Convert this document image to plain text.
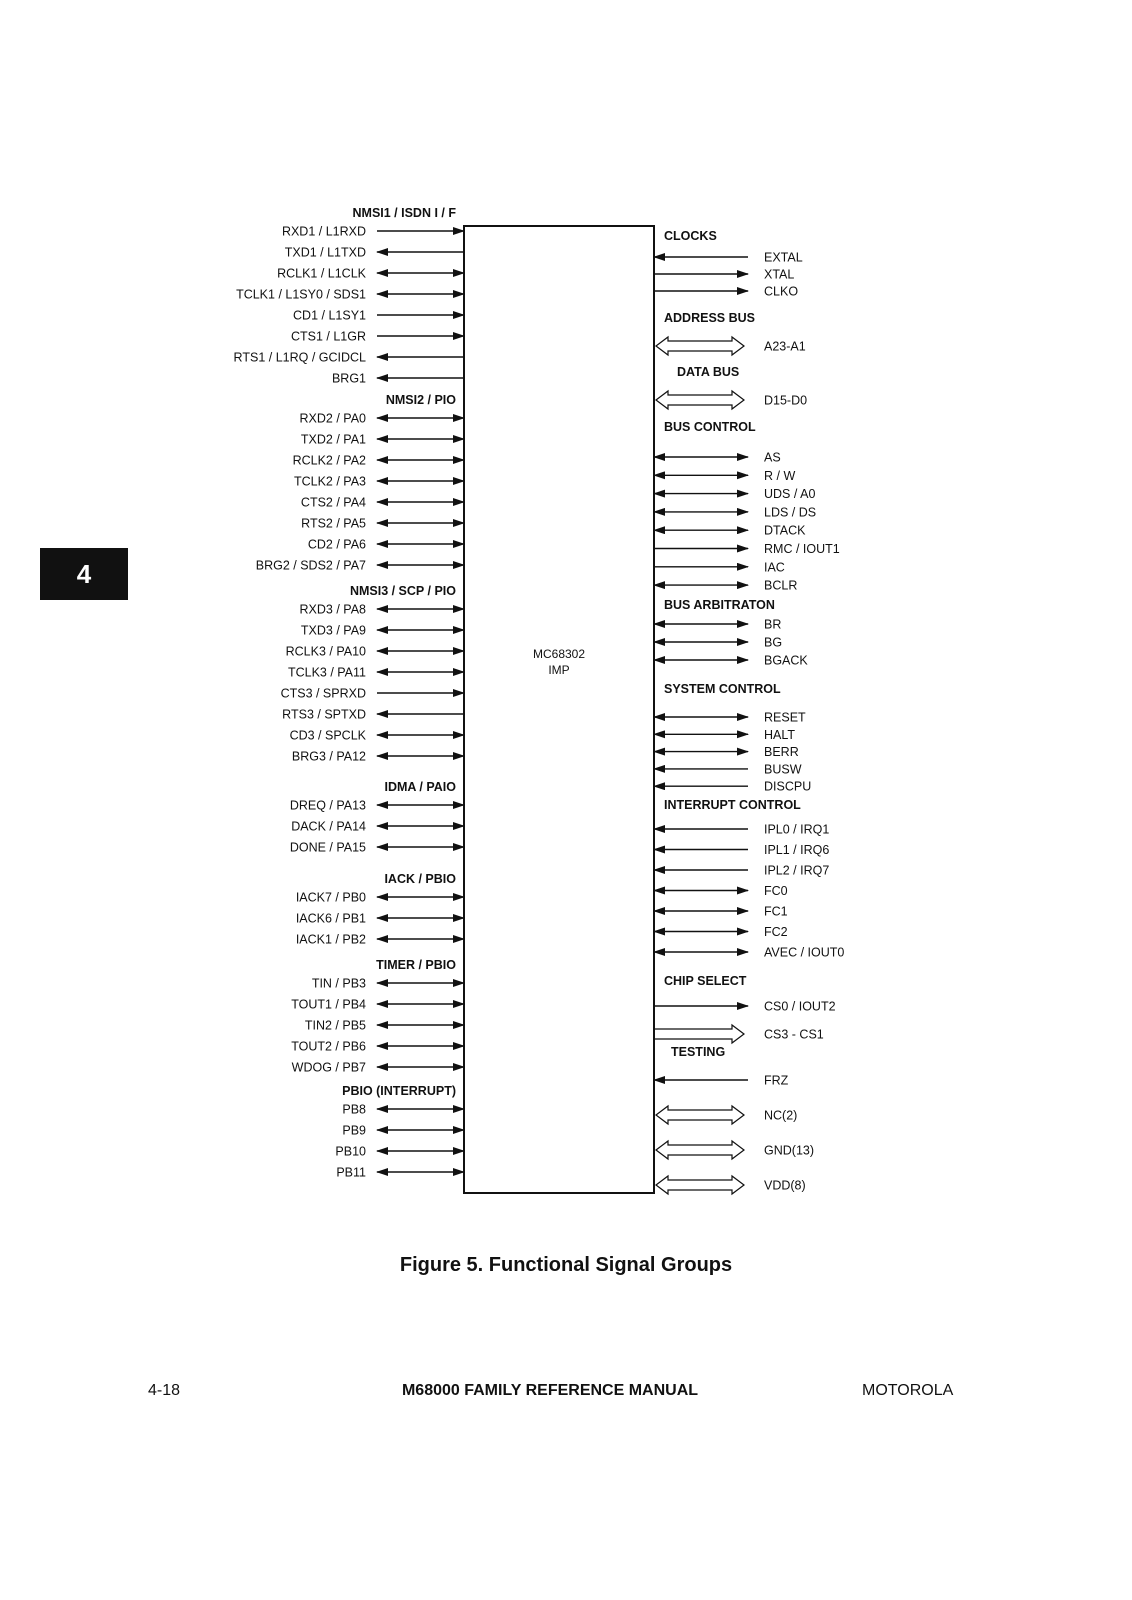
4
MC68302
IMP
NMSI1 / ISDN I / F
RXD1 / L1RXD
TXD1 / L1TXD
RCLK1 / L1CLK
TCLK1 / L1SY0 / SDS1
CD1 / L1SY1
CTS1 / L1GR
RTS1 / L1RQ / GCIDCL
BRG1
NMSI2 / PIO
RXD2 / PA0
TXD2 / PA1
RCLK2 / PA2
TCLK2 / PA3
CTS2 / PA4
RTS2 / PA5
CD2 / PA6
BRG2 / SDS2 / PA7
NMSI3 / SCP / PIO
RXD3 / PA8
TXD3 / PA9
RCLK3 / PA10
TCLK3 / PA11
CTS3 / SPRXD
RTS3 / SPTXD
CD3 / SPCLK
BRG3 / PA12
IDMA / PAIO
DREQ / PA13
DACK / PA14
DONE / PA15
IACK / PBIO
IACK7 / PB0
IACK6 / PB1
IACK1 / PB2
TIMER / PBIO
TIN / PB3
TOUT1 / PB4
TIN2 / PB5
TOUT2 / PB6
WDOG / PB7
PBIO (INTERRUPT)
PB8
PB9
PB10
PB11
CLOCKS
EXTAL
XTAL
CLKO
ADDRESS BUS
A23-A1
DATA BUS
D15-D0
BUS CONTROL
AS
R / W
UDS / A0
LDS / DS
DTACK
RMC / IOUT1
IAC
BCLR
BUS ARBITRATON
BR
BG
BGACK
SYSTEM CONTROL
RESET
HALT
BERR
BUSW
DISCPU
INTERRUPT CONTROL
IPL0 / IRQ1
IPL1 / IRQ6
IPL2 / IRQ7
FC0
FC1
FC2
AVEC / IOUT0
CHIP SELECT
CS0 / IOUT2
CS3 - CS1
TESTING
FRZ
NC(2)
GND(13)
VDD(8)
Figure 5. Functional Signal Groups
4-18	M68000 FAMILY REFERENCE MANUAL	MOTOROLA
